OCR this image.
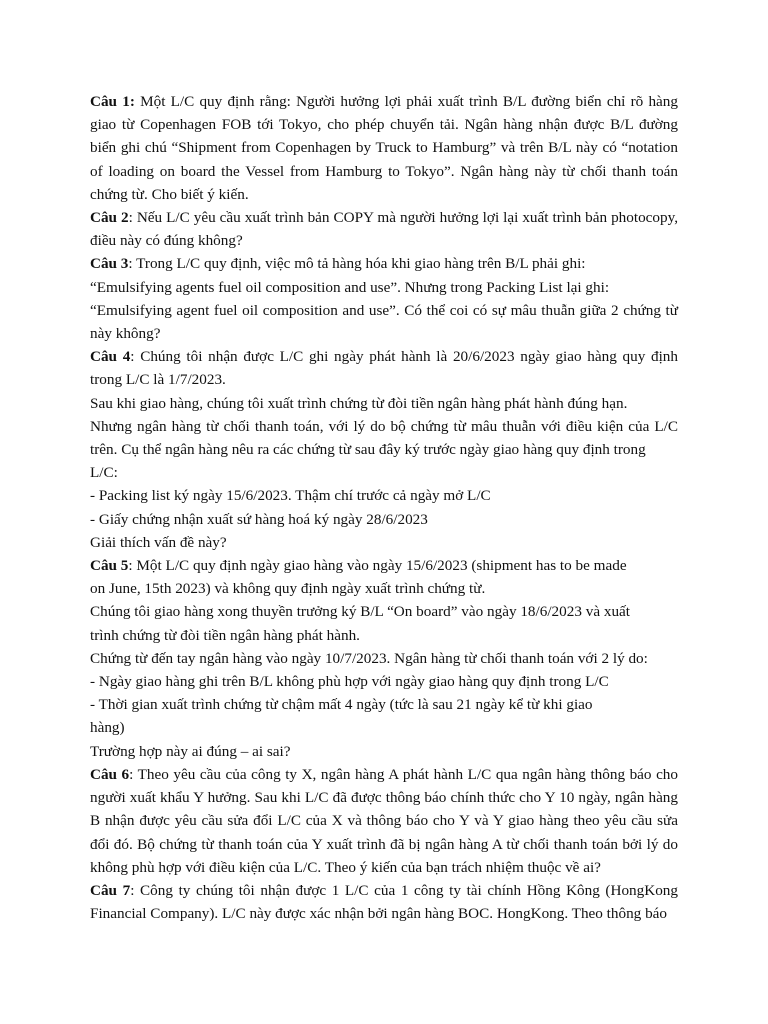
Câu 1: Một L/C quy định rằng: Người hưởng lợi phải xuất trình B/L đường biển chỉ rõ hàng giao từ Copenhagen FOB tới Tokyo, cho phép chuyển tải. Ngân hàng nhận được B/L đường biển ghi chú “Shipment from Copenhagen by Truck to Hamburg” và trên B/L này có “notation of loading on board the Vessel from Hamburg to Tokyo”. Ngân hàng này từ chối thanh toán chứng từ. Cho biết ý kiến.

Câu 2: Nếu L/C yêu cầu xuất trình bản COPY mà người hưởng lợi lại xuất trình bản photocopy, điều này có đúng không?

Câu 3: Trong L/C quy định, việc mô tả hàng hóa khi giao hàng trên B/L phải ghi:

“Emulsifying agents fuel oil composition and use”. Nhưng trong Packing List lại ghi:

“Emulsifying agent fuel oil composition and use”. Có thể coi có sự mâu thuẫn giữa 2 chứng từ này không?

Câu 4: Chúng tôi nhận được L/C ghi ngày phát hành là 20/6/2023 ngày giao hàng quy định trong L/C là 1/7/2023.

Sau khi giao hàng, chúng tôi xuất trình chứng từ đòi tiền ngân hàng phát hành đúng hạn.

Nhưng ngân hàng từ chối thanh toán, với lý do bộ chứng từ mâu thuẫn với điều kiện của L/C trên. Cụ thể ngân hàng nêu ra các chứng từ sau đây ký trước ngày giao hàng quy định trong

L/C:

- Packing list ký ngày 15/6/2023. Thậm chí trước cả ngày mở L/C

- Giấy chứng nhận xuất sứ hàng hoá ký ngày 28/6/2023

Giải thích vấn đề này?

Câu 5: Một L/C quy định ngày giao hàng vào ngày 15/6/2023 (shipment has to be made

on June, 15th 2023) và không quy định ngày xuất trình chứng từ.

Chúng tôi giao hàng xong thuyền trưởng ký B/L “On board” vào ngày 18/6/2023 và xuất

trình chứng từ đòi tiền ngân hàng phát hành.

Chứng từ đến tay ngân hàng vào ngày 10/7/2023. Ngân hàng từ chối thanh toán với 2 lý do:

- Ngày giao hàng ghi trên B/L không phù hợp với ngày giao hàng quy định trong L/C

- Thời gian xuất trình chứng từ chậm mất 4 ngày (tức là sau 21 ngày kể từ khi giao

hàng)

Trường hợp này ai đúng – ai sai?

Câu 6: Theo yêu cầu của công ty X, ngân hàng A phát hành L/C qua ngân hàng thông báo cho người xuất khẩu Y hưởng. Sau khi L/C đã được thông báo chính thức cho Y 10 ngày, ngân hàng B nhận được yêu cầu sửa đổi L/C của X và thông báo cho Y và Y giao hàng theo yêu cầu sửa đổi đó. Bộ chứng từ thanh toán của Y xuất trình đã bị ngân hàng A từ chối thanh toán bởi lý do không phù hợp với điều kiện của L/C. Theo ý kiến của bạn trách nhiệm thuộc về ai?

Câu 7: Công ty chúng tôi nhận được 1 L/C của 1 công ty tài chính Hồng Kông (HongKong Financial Company). L/C này được xác nhận bởi ngân hàng BOC. HongKong. Theo thông báo
